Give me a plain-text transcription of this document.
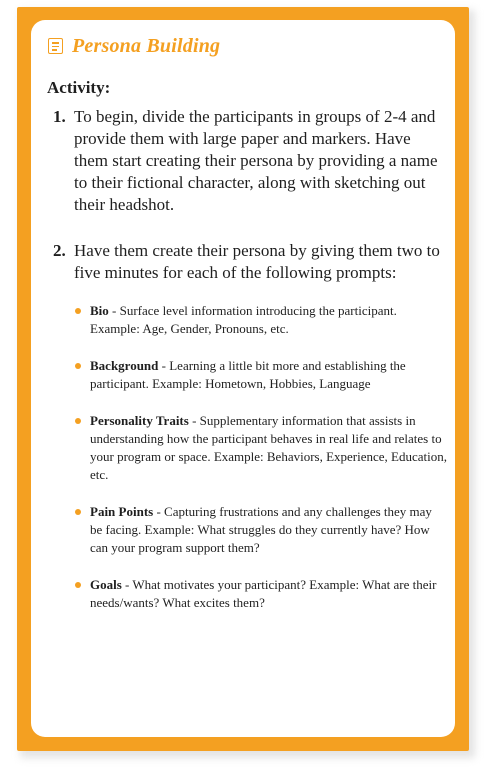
Persona Building

Activity:

1. To begin, divide the participants in groups of 2-4 and provide them with large paper and markers. Have them start creating their persona by providing a name to their fictional character, along with sketching out their headshot.
2. Have them create their persona by giving them two to five minutes for each of the following prompts:
Bio - Surface level information introducing the participant. Example: Age, Gender, Pronouns, etc.
Background - Learning a little bit more and establishing the participant. Example: Hometown, Hobbies, Language
Personality Traits - Supplementary information that assists in understanding how the participant behaves in real life and relates to your program or space. Example: Behaviors, Experience, Education, etc.
Pain Points - Capturing frustrations and any challenges they may be facing. Example: What struggles do they currently have? How can your program support them?
Goals - What motivates your participant? Example: What are their needs/wants? What excites them?
